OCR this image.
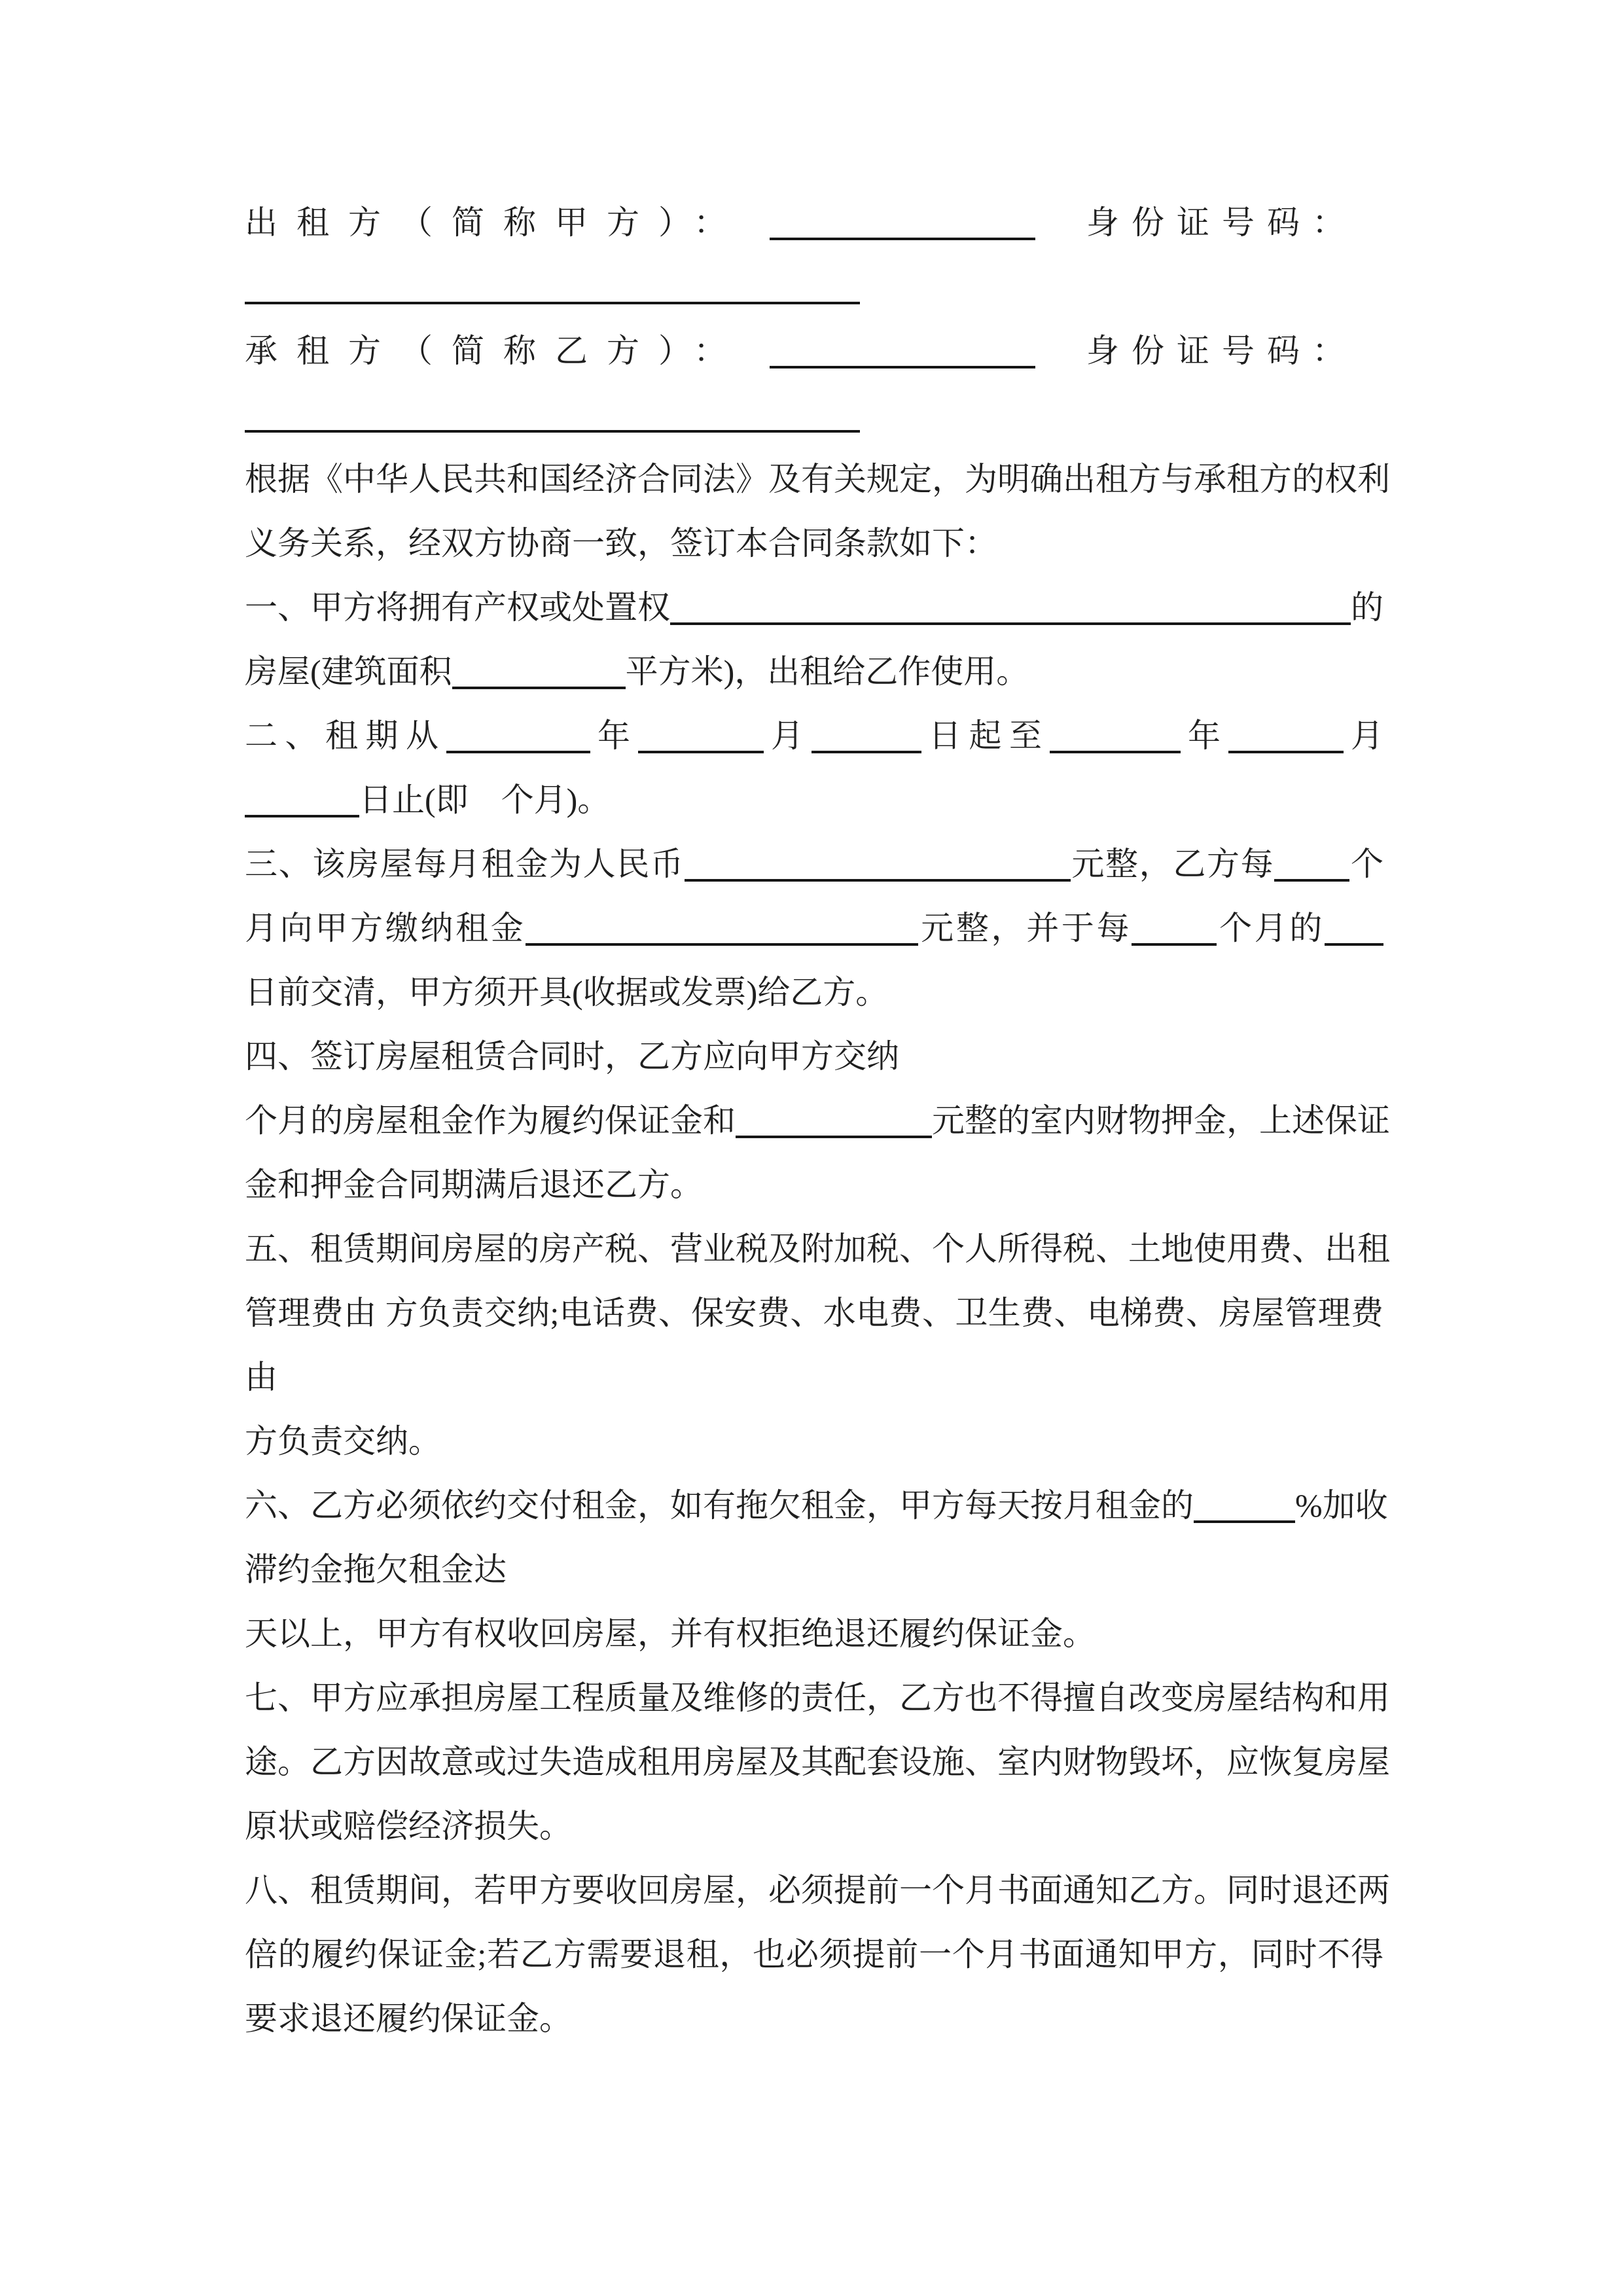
出租方（简称甲方）：	身份证号码：
承租方（简称乙方）：	身份证号码：
根据《中华人民共和国经济合同法》及有关规定，为明确出租方与承租方的权利
义务关系，经双方协商一致，签订本合同条款如下：
一、甲方将拥有产权或处置权	的
房屋(建筑面积	平方米)，出租给乙作使用。
二、租期从	年	月	日起至	年	月
日止(即　个月)。
三、该房屋每月租金为人民币	元整，乙方每 个
月向甲方缴纳租金	元整，并于每	个月的
日前交清，甲方须开具(收据或发票)给乙方。
四、签订房屋租赁合同时，乙方应向甲方交纳
个月的房屋租金作为履约保证金和	元整的室内财物押金，上述保证
金和押金合同期满后退还乙方。
五、租赁期间房屋的房产税、营业税及附加税、个人所得税、土地使用费、出租
管理费由 方负责交纳;电话费、保安费、水电费、卫生费、电梯费、房屋管理费
由
方负责交纳。
六、乙方必须依约交付租金，如有拖欠租金，甲方每天按月租金的	%加收
滞约金拖欠租金达
天以上，甲方有权收回房屋，并有权拒绝退还履约保证金。
七、甲方应承担房屋工程质量及维修的责任，乙方也不得擅自改变房屋结构和用
途。乙方因故意或过失造成租用房屋及其配套设施、室内财物毁坏，应恢复房屋
原状或赔偿经济损失。
八、租赁期间，若甲方要收回房屋，必须提前一个月书面通知乙方。同时退还两
倍的履约保证金;若乙方需要退租，也必须提前一个月书面通知甲方，同时不得
要求退还履约保证金。
